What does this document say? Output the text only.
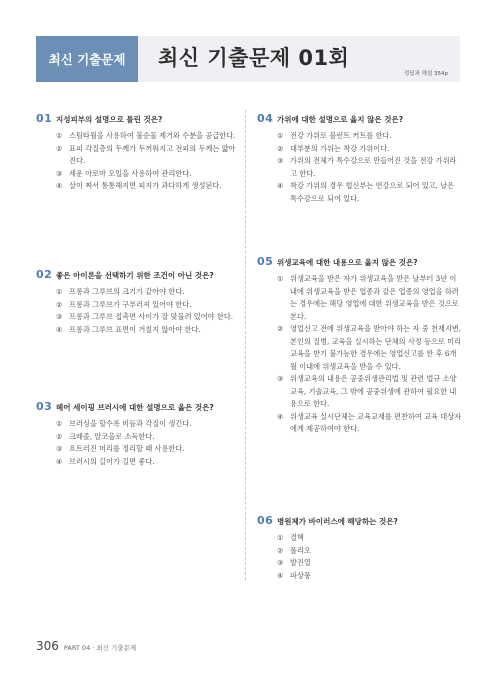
최신 기출문제	최신 기출문제 01회
정답과 해설 354p
01 지성피부의 설명으로 틀린 것은?
① 스팀타월을 사용하여 불순물 제거와 수분을 공급한다.
② 표피 각질층의 두께가 두꺼워지고 전피의 두께는 얇아진다.
③ 세운 아로마 오일을 사용하여 관리한다.
④ 살이 쪄서 통통해지면 피지가 과다하게 생성된다.
02 좋은 아이론을 선택하기 위한 조건이 아닌 것은?
① 프롱과 그루브의 크기가 같아야 한다.
② 프롱과 그루브가 구부러져 있어야 한다.
③ 프롱과 그루브 접촉면 사이가 잘 맞물려 있어야 한다.
④ 프롱과 그루브 표면이 거칠지 않아야 한다.
03 헤어 세이핑 브러시에 대한 설명으로 옳은 것은?
① 브러싱을 할수록 비듬과 각질이 생긴다.
② 크레졸, 알코올로 소독한다.
③ 흐트러진 머리를 정리할 때 사용한다.
④ 브러시의 길이가 길면 좋다.
04 가위에 대한 설명으로 옳지 않은 것은?
① 전강 가위로 블런트 커트를 한다.
② 대부분의 가위는 착강 가위이다.
③ 가위의 전체가 특수강으로 만들어진 것을 전강 가위라고 한다.
④ 착강 가위의 경우 협신부는 연강으로 되어 있고, 날은 특수강으로 되어 있다.
05 위생교육에 대한 내용으로 옳지 않은 것은?
① 위생교육을 받은 자가 위생교육을 받은 날부터 3년 이내에 위생교육을 받은 업종과 같은 업종의 영업을 하려는 경우에는 해당 영업에 대한 위생교육을 받은 것으로 본다.
② 영업신고 전에 위생교육을 받아야 하는 자 중 천재지변, 본인의 질병, 교육을 실시하는 단체의 사정 등으로 미리 교육을 받기 불가능한 경우에는 영업신고를 한 후 6개월 이내에 위생교육을 받을 수 있다.
③ 위생교육의 내용은 공중위생관리법 및 관련 법규 소양교육, 기술교육, 그 밖에 공중위생에 관하여 필요한 내용으로 한다.
④ 위생교육 실시단체는 교육교재를 편찬하여 교육 대상자에게 제공하여야 한다.
06 병원체가 바이러스에 해당하는 것은?
① 결핵
② 폴리오
③ 발진열
④ 파상풍
306 PART 04 · 최신 기출문제
